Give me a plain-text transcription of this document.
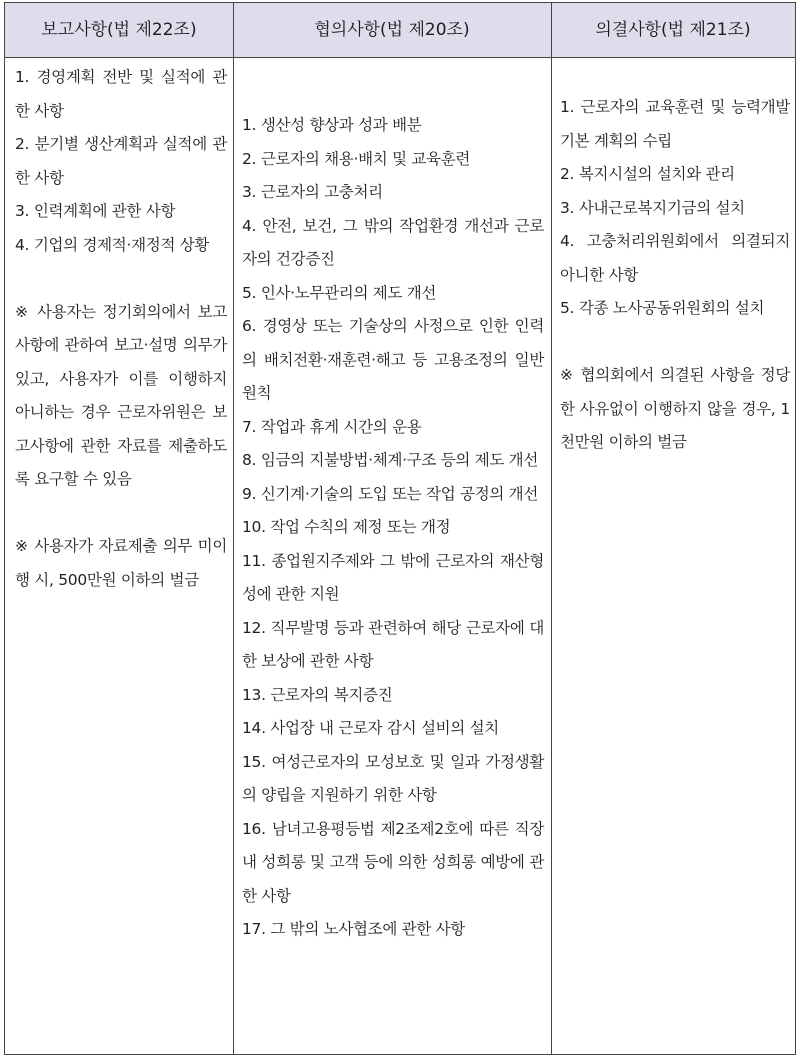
보고사항(법 제22조)	협의사항(법 제20조)	의결사항(법 제21조)

1. 경영계획 전반 및 실적에 관한 사항

2. 분기별 생산계획과 실적에 관한 사항

3. 인력계획에 관한 사항

4. 기업의 경제적·재정적 상황

※ 사용자는 정기회의에서 보고사항에 관하여 보고·설명 의무가 있고, 사용자가 이를 이행하지 아니하는 경우 근로자위원은 보고사항에 관한 자료를 제출하도록 요구할 수 있음

※ 사용자가 자료제출 의무 미이행 시, 500만원 이하의 벌금

1. 생산성 향상과 성과 배분

2. 근로자의 채용·배치 및 교육훈련

3. 근로자의 고충처리

4. 안전, 보건, 그 밖의 작업환경 개선과 근로자의 건강증진

5. 인사·노무관리의 제도 개선

6. 경영상 또는 기술상의 사정으로 인한 인력의 배치전환·재훈련·해고 등 고용조정의 일반원칙

7. 작업과 휴게 시간의 운용

8. 임금의 지불방법·체계·구조 등의 제도 개선

9. 신기계·기술의 도입 또는 작업 공정의 개선

10. 작업 수칙의 제정 또는 개정

11. 종업원지주제와 그 밖에 근로자의 재산형성에 관한 지원

12. 직무발명 등과 관련하여 해당 근로자에 대한 보상에 관한 사항

13. 근로자의 복지증진

14. 사업장 내 근로자 감시 설비의 설치

15. 여성근로자의 모성보호 및 일과 가정생활의 양립을 지원하기 위한 사항

16. 남녀고용평등법 제2조제2호에 따른 직장 내 성희롱 및 고객 등에 의한 성희롱 예방에 관한 사항

17. 그 밖의 노사협조에 관한 사항

1. 근로자의 교육훈련 및 능력개발 기본 계획의 수립

2. 복지시설의 설치와 관리

3. 사내근로복지기금의 설치

4. 고충처리위원회에서 의결되지 아니한 사항

5. 각종 노사공동위원회의 설치

※ 협의회에서 의결된 사항을 정당한 사유없이 이행하지 않을 경우, 1천만원 이하의 벌금
